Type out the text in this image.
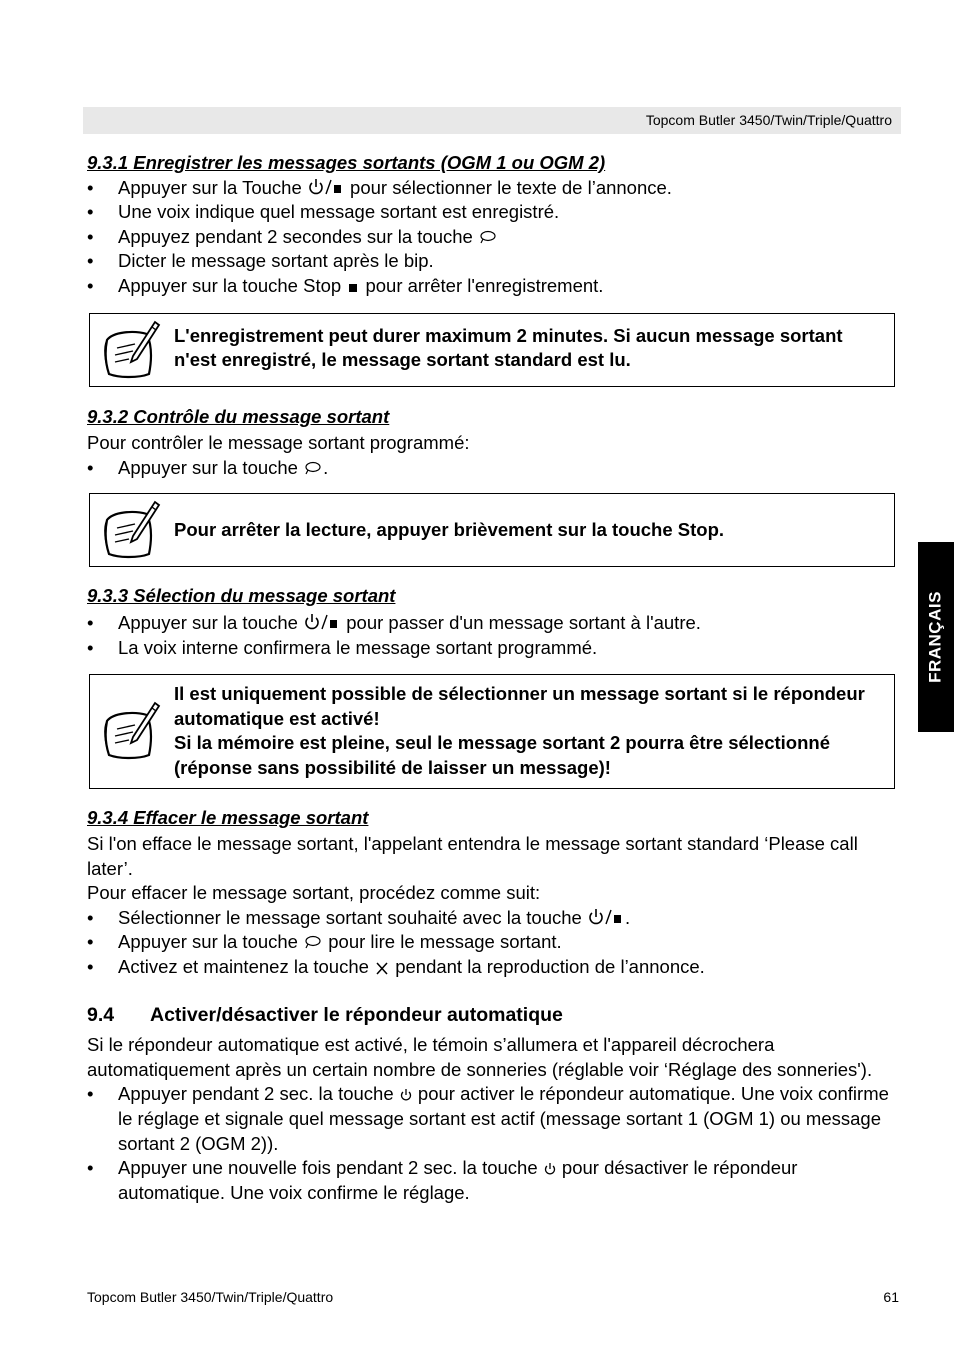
Topcom Butler 3450/Twin/Triple/Quattro
FRANÇAIS

9.3.1 Enregistrer les messages sortants (OGM 1 ou OGM 2)

• Appuyer sur la Touche	pour sélectionner le texte de l’annonce.
• Une voix indique quel message sortant est enregistré.
• Appuyez pendant 2 secondes sur la touche
• Dicter le message sortant après le bip.
• Appuyer sur la touche Stop pour arrêter l'enregistrement.
L'enregistrement peut durer maximum 2 minutes. Si aucun message sortant n'est enregistré, le message sortant standard est lu.

9.3.2 Contrôle du message sortant

Pour contrôler le message sortant programmé:

• Appuyer sur la touche .
Pour arrêter la lecture, appuyer brièvement sur la touche Stop.

9.3.3 Sélection du message sortant

• Appuyer sur la touche	pour passer d'un message sortant à l'autre.
• La voix interne confirmera le message sortant programmé.
Il est uniquement possible de sélectionner un message sortant si le répondeur automatique est activé!
Si la mémoire est pleine, seul le message sortant 2 pourra être sélectionné (réponse sans possibilité de laisser un message)!

9.3.4 Effacer le message sortant

Si l'on efface le message sortant, l'appelant entendra le message sortant standard ‘Please call later’.

Pour effacer le message sortant, procédez comme suit:

• Sélectionner le message sortant souhaité avec la touche .
• Appuyer sur la touche pour lire le message sortant.
• Activez et maintenez la touche pendant la reproduction de l’annonce.
9.4 Activer/désactiver le répondeur automatique

Si le répondeur automatique est activé, le témoin s’allumera et l'appareil décrochera automatiquement après un certain nombre de sonneries (réglable voir ‘Réglage des sonneries').

• Appuyer pendant 2 sec. la touche pour activer le répondeur automatique. Une voix confirme le réglage et signale quel message sortant est actif (message sortant 1 (OGM 1) ou message sortant 2 (OGM 2)).
• Appuyer une nouvelle fois pendant 2 sec. la touche pour désactiver le répondeur automatique. Une voix confirme le réglage.
Topcom Butler 3450/Twin/Triple/Quattro	61
